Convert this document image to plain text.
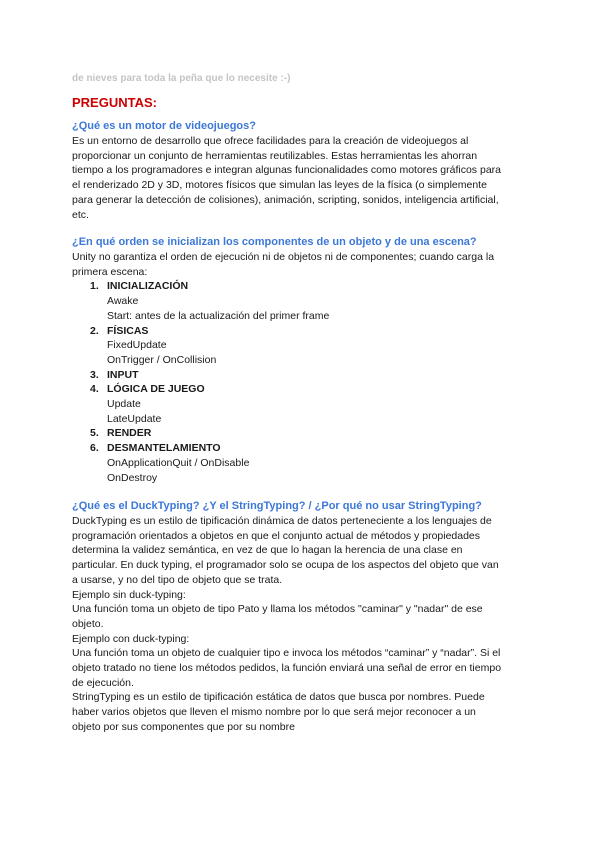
de nieves para toda la peña que lo necesite :-)
PREGUNTAS:
¿Qué es un motor de videojuegos?
Es un entorno de desarrollo que ofrece facilidades para la creación de videojuegos al
proporcionar un conjunto de herramientas reutilizables. Estas herramientas les ahorran
tiempo a los programadores e integran algunas funcionalidades como motores gráficos para
el renderizado 2D y 3D, motores físicos que simulan las leyes de la física (o simplemente
para generar la detección de colisiones), animación, scripting, sonidos, inteligencia artificial,
etc.
¿En qué orden se inicializan los componentes de un objeto y de una escena?
Unity no garantiza el orden de ejecución ni de objetos ni de componentes; cuando carga la
primera escena:
1. INICIALIZACIÓN
Awake
Start: antes de la actualización del primer frame
2. FÍSICAS
FixedUpdate
OnTrigger / OnCollision
3. INPUT
4. LÓGICA DE JUEGO
Update
LateUpdate
5. RENDER
6. DESMANTELAMIENTO
OnApplicationQuit / OnDisable
OnDestroy
¿Qué es el DuckTyping? ¿Y el StringTyping? / ¿Por qué no usar StringTyping?
DuckTyping es un estilo de tipificación dinámica de datos perteneciente a los lenguajes de
programación orientados a objetos en que el conjunto actual de métodos y propiedades
determina la validez semántica, en vez de que lo hagan la herencia de una clase en
particular. En duck typing, el programador solo se ocupa de los aspectos del objeto que van
a usarse, y no del tipo de objeto que se trata.
Ejemplo sin duck-typing:
Una función toma un objeto de tipo Pato y llama los métodos "caminar" y "nadar" de ese
objeto.
Ejemplo con duck-typing:
Una función toma un objeto de cualquier tipo e invoca los métodos “caminar” y “nadar”. Si el
objeto tratado no tiene los métodos pedidos, la función enviará una señal de error en tiempo
de ejecución.
StringTyping es un estilo de tipificación estática de datos que busca por nombres. Puede
haber varios objetos que lleven el mismo nombre por lo que será mejor reconocer a un
objeto por sus componentes que por su nombre
